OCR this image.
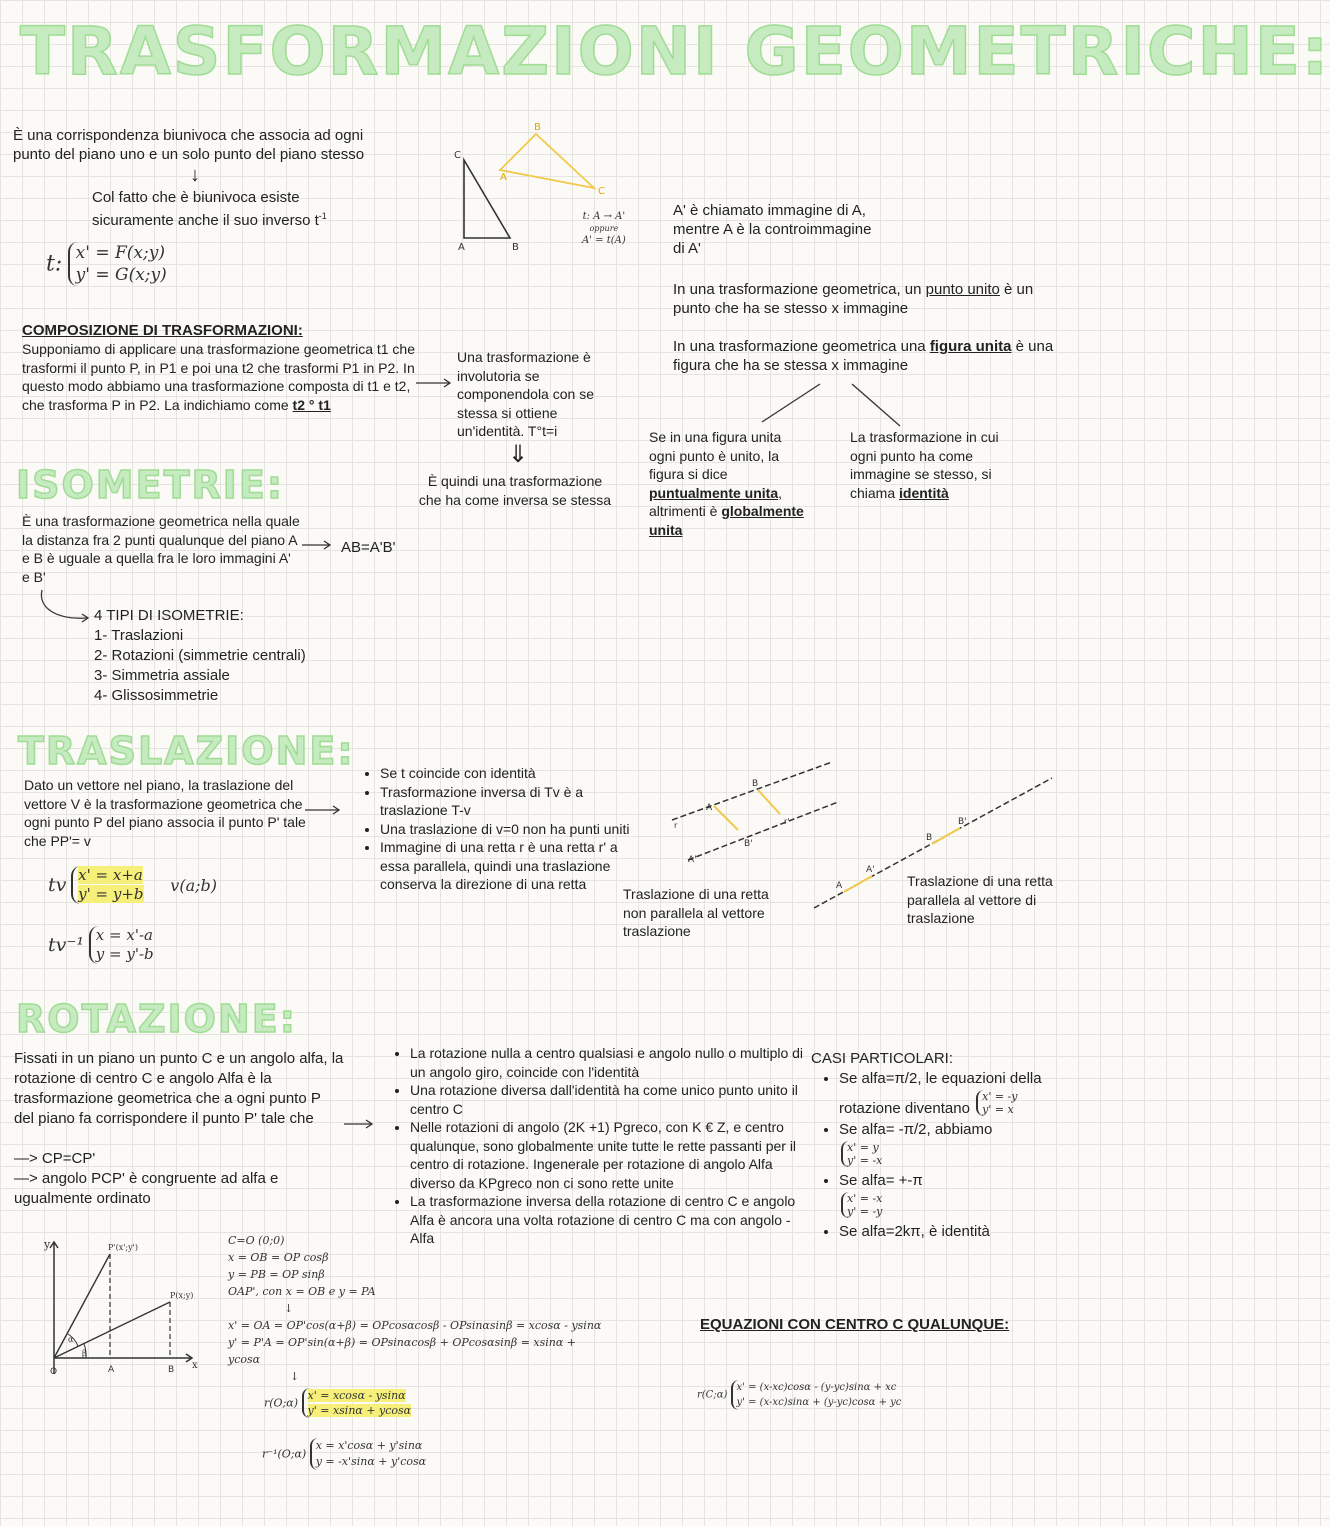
TRASFORMAZIONI GEOMETRICHE:
È una corrispondenza biunivoca che associa ad ogni punto del piano uno e un solo punto del piano stesso
↓
Col fatto che è biunivoca esiste sicuramente anche il suo inverso $t^{-1}$
t: x' = F(x;y)
y' = G(x;y)
C
B
A	B
A
C
t: A → A'
oppure
A' = t(A)
A' è chiamato immagine di A, mentre A è la controimmagine di A'
In una trasformazione geometrica, un punto unito è un punto che ha se stesso x immagine
In una trasformazione geometrica una figura unita è una figura che ha se stessa x immagine
Se in una figura unita ogni punto è unito, la figura si dice puntualmente unita, altrimenti è globalmente unita
La trasformazione in cui ogni punto ha come immagine se stesso, si chiama identità
COMPOSIZIONE DI TRASFORMAZIONI:
Supponiamo di applicare una trasformazione geometrica t1 che trasformi il punto P, in P1 e poi una t2 che trasformi P1 in P2. In questo modo abbiamo una trasformazione composta di t1 e t2, che trasforma P in P2. La indichiamo come t2 ° t1
Una trasformazione è involutoria se componendola con se stessa si ottiene un'identità. T°t=i
⇓
È quindi una trasformazione che ha come inversa se stessa
ISOMETRIE:
È una trasformazione geometrica nella quale la distanza fra 2 punti qualunque del piano A e B è uguale a quella fra le loro immagini A' e B'
AB=A'B'
4 TIPI DI ISOMETRIE:
1- Traslazioni
2- Rotazioni (simmetrie centrali)
3- Simmetria assiale
4- Glissosimmetrie
TRASLAZIONE:
Dato un vettore nel piano, la traslazione del vettore V è la trasformazione geometrica che ogni punto P del piano associa il punto P' tale che PP'= v
• Se t coincide con identità
• Trasformazione inversa di Tv è a traslazione T-v
• Una traslazione di v=0 non ha punti uniti
• Immagine di una retta r è una retta r' a essa parallela, quindi una traslazione conserva la direzione di una retta
tv x' = x+a
y' = y+b v(a;b)
tv⁻¹ x = x'-a
y = y'-b
A
B
A'
B'
r	r'
Traslazione di una retta non parallela al vettore traslazione
A
B
A'
B'
Traslazione di una retta parallela al vettore di traslazione
ROTAZIONE:
Fissati in un piano un punto C e un angolo alfa, la rotazione di centro C e angolo Alfa è la trasformazione geometrica che a ogni punto P del piano fa corrispondere il punto P' tale che
—> CP=CP'
—> angolo PCP' è congruente ad alfa e ugualmente ordinato
• La rotazione nulla a centro qualsiasi e angolo nullo o multiplo di un angolo giro, coincide con l'identità
• Una rotazione diversa dall'identità ha come unico punto unito il centro C
• Nelle rotazioni di angolo (2K +1) Pgreco, con K € Z, e centro qualunque, sono globalmente unite tutte le rette passanti per il centro di rotazione. Ingenerale per rotazione di angolo Alfa diverso da KPgreco non ci sono rette unite
• La trasformazione inversa della rotazione di centro C e angolo Alfa è ancora una volta rotazione di centro C ma con angolo -Alfa
CASI PARTICOLARI:
• Se alfa=π/2, le equazioni della rotazione diventano x' = -y
y' = x
• Se alfa= -π/2, abbiamo
x' = y
y' = -x
• Se alfa= +-π
x' = -x
y' = -y
• Se alfa=2kπ, è identità
y
x
O	A	B
P(x;y)
P'(x';y')
α
β
C=O (0;0)
x = OB = OP cosβ
y = PB = OP sinβ
OAP', con x = OB e y = PA
↓
x' = OA = OP'cos(α+β) = OPcosαcosβ - OPsinαsinβ = xcosα - ysinα
y' = P'A = OP'sin(α+β) = OPsinαcosβ + OPcosαsinβ = xsinα + ycosα
↓
r(O;α) x' = xcosα - ysinα
y' = xsinα + ycosα
r⁻¹(O;α) x = x'cosα + y'sinα
y = -x'sinα + y'cosα
EQUAZIONI CON CENTRO C QUALUNQUE:
r(C;α) x' = (x-xc)cosα - (y-yc)sinα + xc
y' = (x-xc)sinα + (y-yc)cosα + yc
